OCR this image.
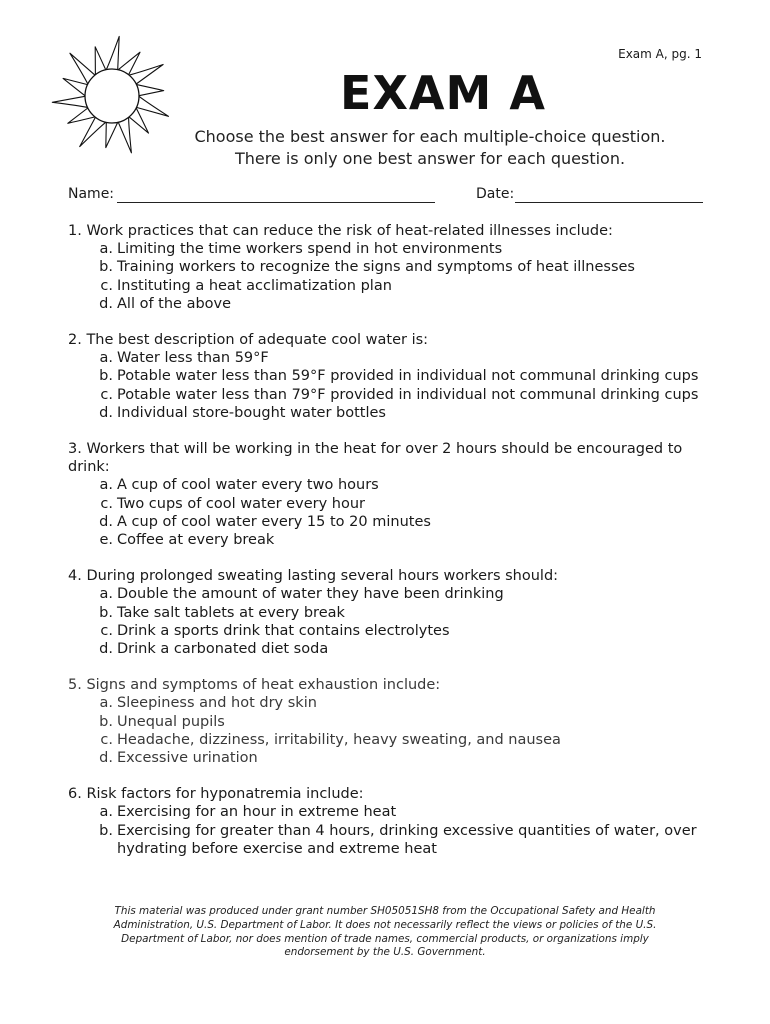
Exam A, pg. 1
EXAM A
Choose the best answer for each multiple-choice question.
There is only one best answer for each question.
Name:	Date:
1. Work practices that can reduce the risk of heat-related illnesses include:
a. Limiting the time workers spend in hot environments
b. Training workers to recognize the signs and symptoms of heat illnesses
c. Instituting a heat acclimatization plan
d. All of the above
2. The best description of adequate cool water is:
a. Water less than 59°F
b. Potable water less than 59°F provided in individual not communal drinking cups
c. Potable water less than 79°F provided in individual not communal drinking cups
d. Individual store-bought water bottles
3. Workers that will be working in the heat for over 2 hours should be encouraged to drink:
a. A cup of cool water every two hours
c. Two cups of cool water every hour
d. A cup of cool water every 15 to 20 minutes
e. Coffee at every break
4. During prolonged sweating lasting several hours workers should:
a. Double the amount of water they have been drinking
b. Take salt tablets at every break
c. Drink a sports drink that contains electrolytes
d. Drink a carbonated diet soda
5. Signs and symptoms of heat exhaustion include:
a. Sleepiness and hot dry skin
b. Unequal pupils
c. Headache, dizziness, irritability, heavy sweating, and nausea
d. Excessive urination
6. Risk factors for hyponatremia include:
a. Exercising for an hour in extreme heat
b. Exercising for greater than 4 hours, drinking excessive quantities of water, over hydrating before exercise and extreme heat
This material was produced under grant number SH05051SH8 from the Occupational Safety and Health Administration, U.S. Department of Labor. It does not necessarily reflect the views or policies of the U.S. Department of Labor, nor does mention of trade names, commercial products, or organizations imply endorsement by the U.S. Government.
